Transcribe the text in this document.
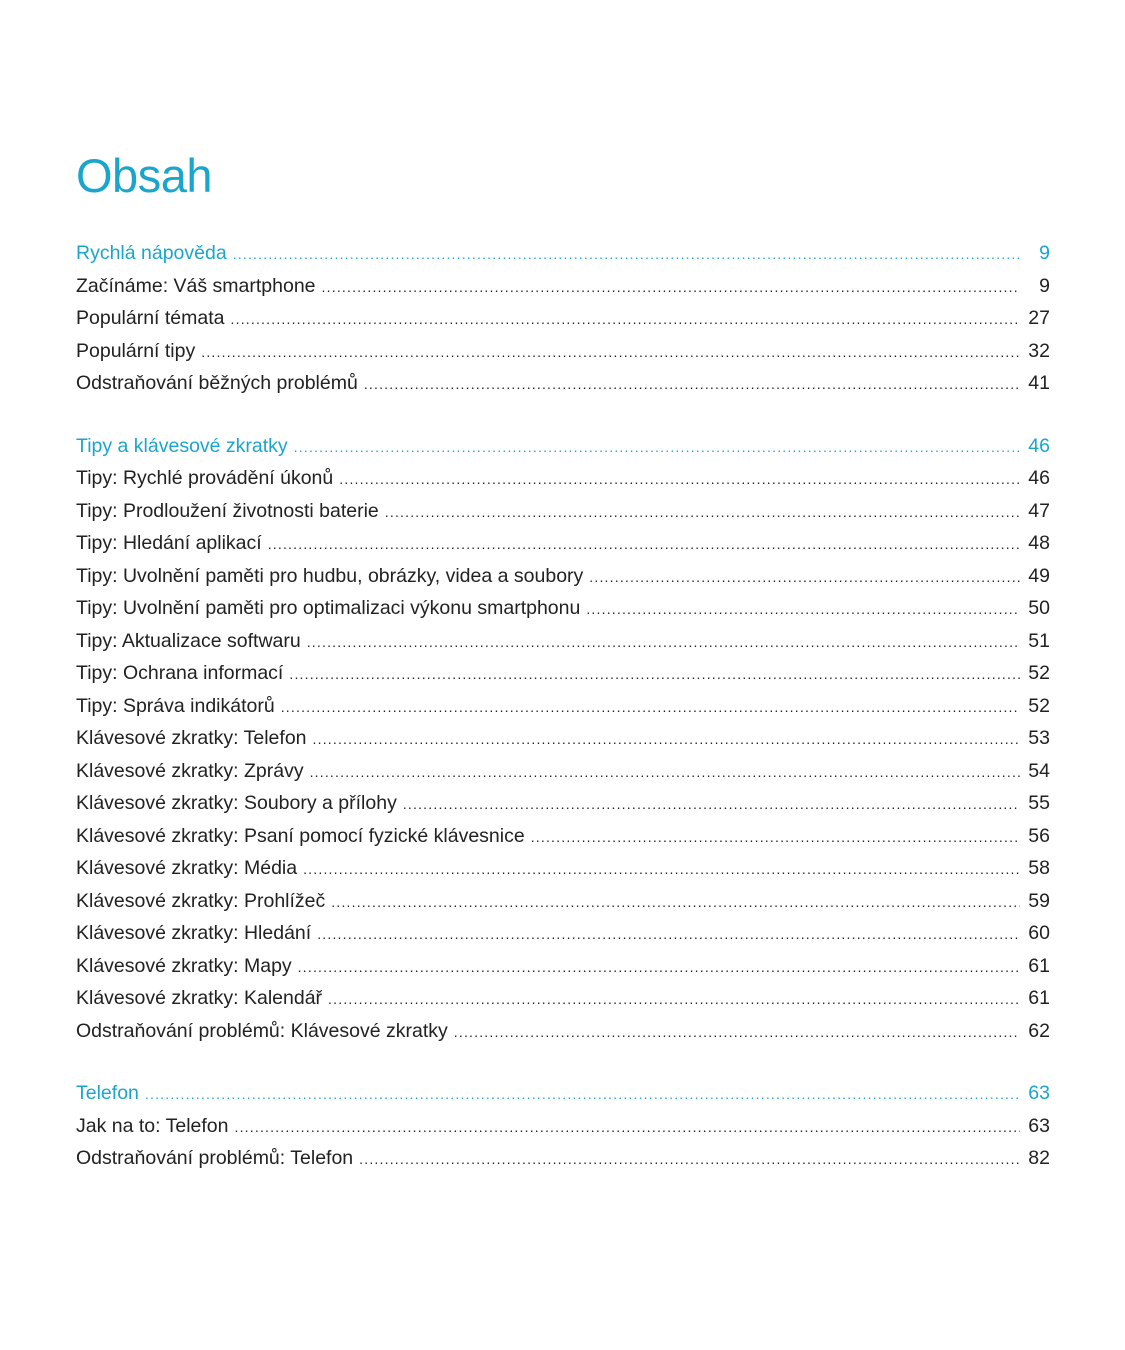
Obsah
Rychlá nápověda .....	9
Začínáme: Váš smartphone .....	9
Populární témata .....	27
Populární tipy .....	32
Odstraňování běžných problémů .....	41
Tipy a klávesové zkratky .....	46
Tipy: Rychlé provádění úkonů .....	46
Tipy: Prodloužení životnosti baterie .....	47
Tipy: Hledání aplikací .....	48
Tipy: Uvolnění paměti pro hudbu, obrázky, videa a soubory .....	49
Tipy: Uvolnění paměti pro optimalizaci výkonu smartphonu .....	50
Tipy: Aktualizace softwaru .....	51
Tipy: Ochrana informací .....	52
Tipy: Správa indikátorů .....	52
Klávesové zkratky: Telefon .....	53
Klávesové zkratky: Zprávy .....	54
Klávesové zkratky: Soubory a přílohy .....	55
Klávesové zkratky: Psaní pomocí fyzické klávesnice .....	56
Klávesové zkratky: Média .....	58
Klávesové zkratky: Prohlížeč .....	59
Klávesové zkratky: Hledání .....	60
Klávesové zkratky: Mapy .....	61
Klávesové zkratky: Kalendář .....	61
Odstraňování problémů: Klávesové zkratky .....	62
Telefon .....	63
Jak na to: Telefon .....	63
Odstraňování problémů: Telefon .....	82
